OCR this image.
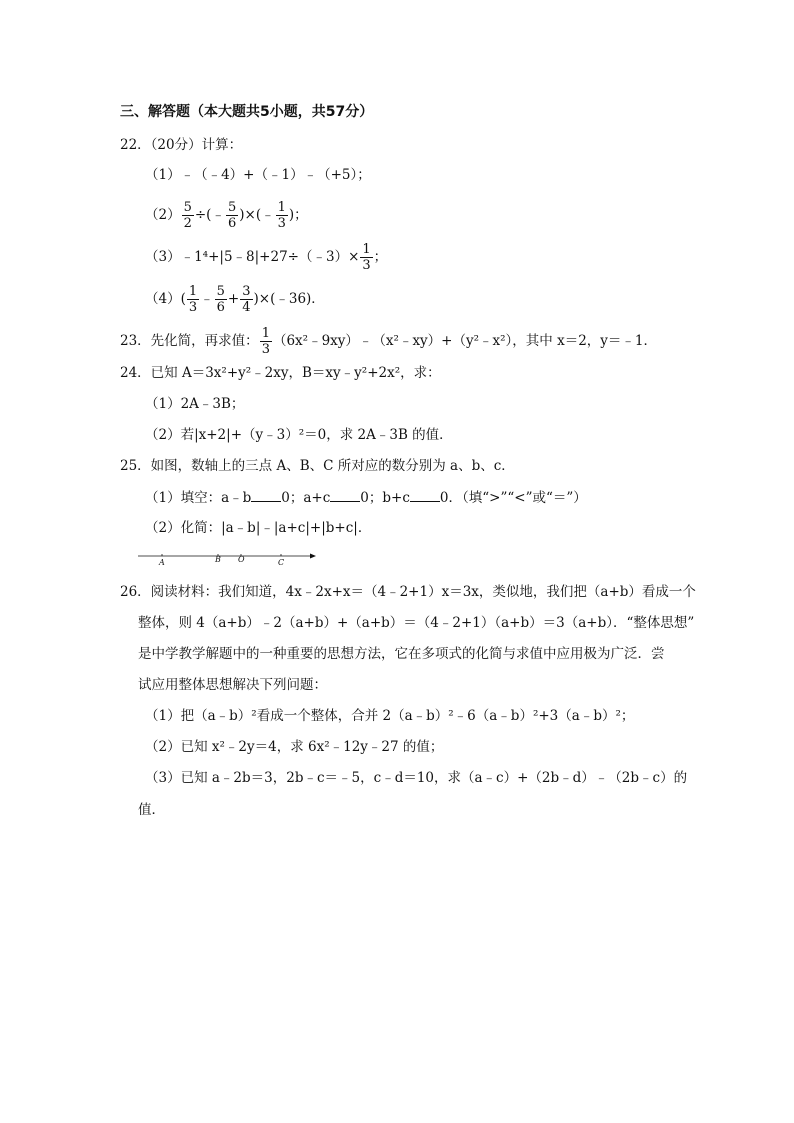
三、解答题（本大题共5小题，共57分）
22．（20分）计算：
（1）﹣（﹣4）+（﹣1）﹣（+5）；
$(2) \frac{5}{2}$ ÷(﹣ $\frac{5}{6}$ )×(﹣ $\frac{1}{3}$ )；
（3）﹣1⁴+|5﹣8|+27÷（﹣3）× $\frac{1}{3}$ ；
$(4)( \frac{1}{3}$ ﹣ $\frac{5}{6} + \frac{3}{4}$ )×(﹣36)．
23．先化简，再求值： $\frac{1}{3}$ （6x²﹣9xy）﹣（x²﹣xy）+（y²﹣x²），其中 x＝2，y＝﹣1．
24．已知 A＝3x²+y²﹣2xy，B＝xy﹣y²+2x²，求：
（1）2A﹣3B；
（2）若|x+2|+（y﹣3）²＝0，求 2A﹣3B 的值．
25．如图，数轴上的三点 A、B、C 所对应的数分别为 a、b、c．
（1）填空：a﹣b 0；a+c 0；b+c 0．（填“>”“<”或“＝”）
（2）化简：|a﹣b|﹣|a+c|+|b+c|．
A	B O	C
26．阅读材料：我们知道，4x﹣2x+x＝（4﹣2+1）x＝3x，类似地，我们把（a+b）看成一个
整体，则 4（a+b）﹣2（a+b）+（a+b）＝（4﹣2+1）（a+b）＝3（a+b）．“整体思想”
是中学教学解题中的一种重要的思想方法，它在多项式的化简与求值中应用极为广泛．尝
试应用整体思想解决下列问题：
（1）把（a﹣b）²看成一个整体，合并 2（a﹣b）²﹣6（a﹣b）²+3（a﹣b）²；
（2）已知 x²﹣2y＝4，求 6x²﹣12y﹣27 的值；
（3）已知 a﹣2b＝3，2b﹣c＝﹣5，c﹣d＝10，求（a﹣c）+（2b﹣d）﹣（2b﹣c）的
值．
